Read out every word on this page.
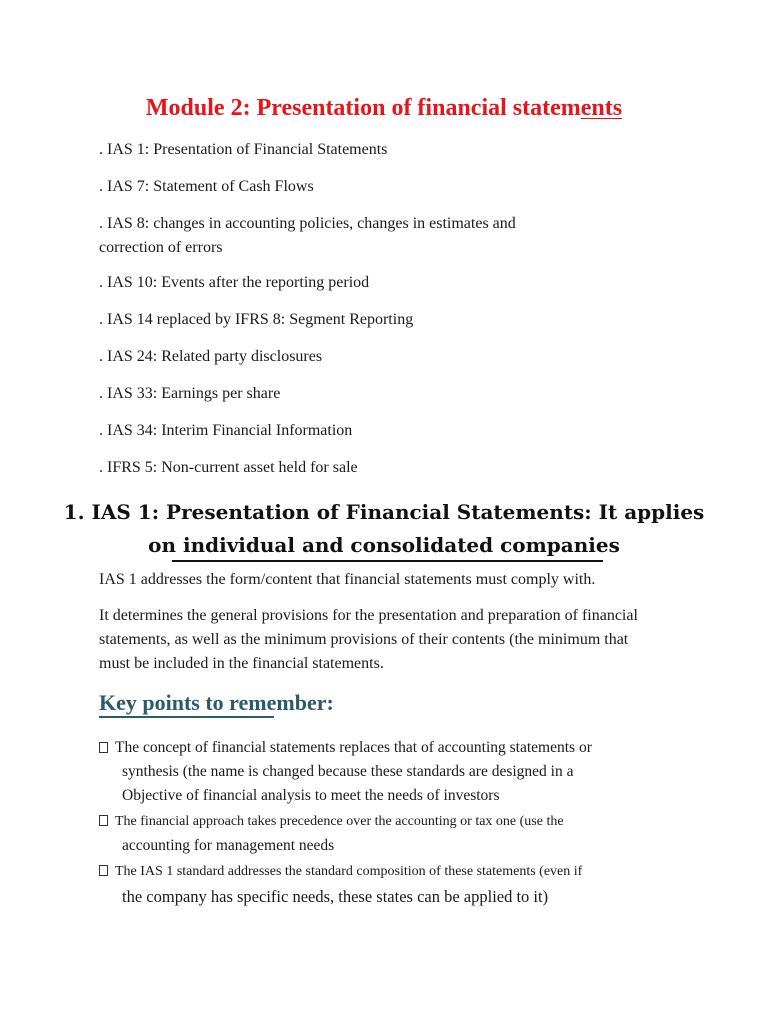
Module 2: Presentation of financial statements
. IAS 1: Presentation of Financial Statements
. IAS 7: Statement of Cash Flows
. IAS 8: changes in accounting policies, changes in estimates and correction of errors
. IAS 10: Events after the reporting period
. IAS 14 replaced by IFRS 8: Segment Reporting
. IAS 24: Related party disclosures
. IAS 33: Earnings per share
. IAS 34: Interim Financial Information
. IFRS 5: Non-current asset held for sale
1. IAS 1: Presentation of Financial Statements: It applies
on individual and consolidated companies
IAS 1 addresses the form/content that financial statements must comply with.
It determines the general provisions for the presentation and preparation of financial statements, as well as the minimum provisions of their contents (the minimum that must be included in the financial statements.
Key points to remember:
The concept of financial statements replaces that of accounting statements or
synthesis (the name is changed because these standards are designed in a
Objective of financial analysis to meet the needs of investors
The financial approach takes precedence over the accounting or tax one (use the
accounting for management needs
The IAS 1 standard addresses the standard composition of these statements (even if
the company has specific needs, these states can be applied to it)
